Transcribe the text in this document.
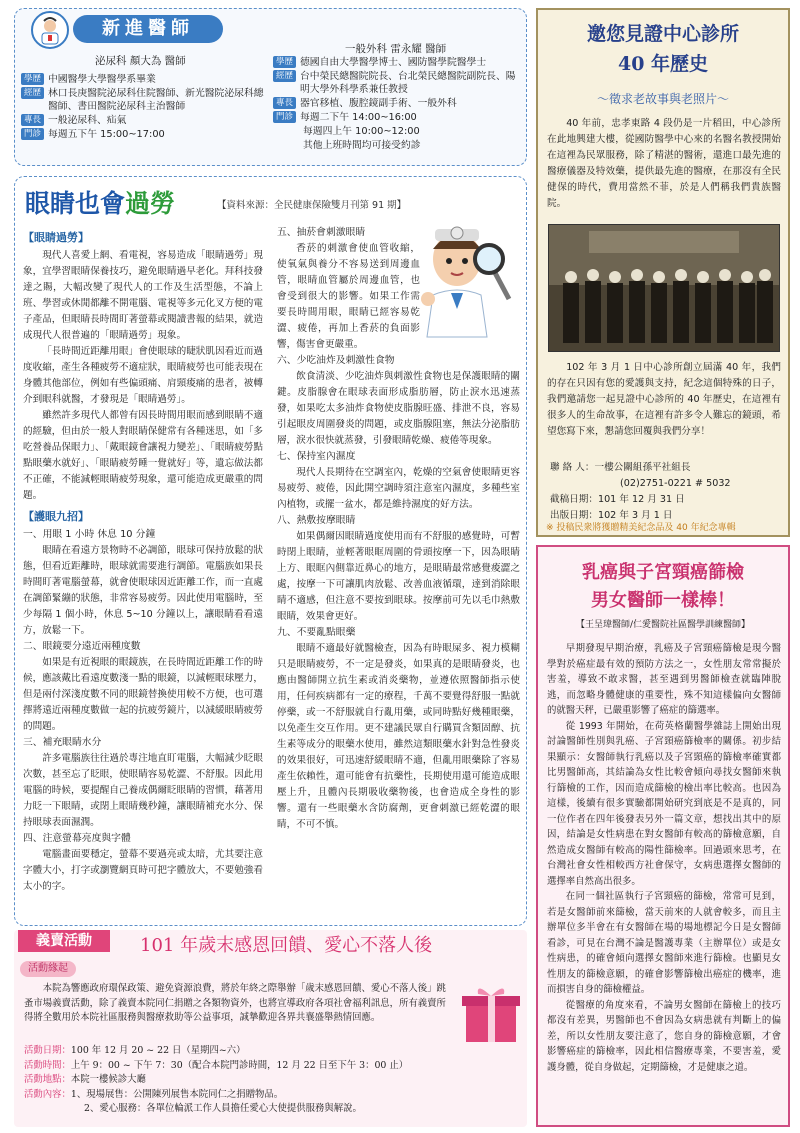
新進醫師
泌尿科 顏大為 醫師
學歷 中國醫學大學醫學系畢業
經歷 林口長庚醫院泌尿科住院醫師、新光醫院泌尿科總醫師、書田醫院泌尿科主治醫師
專長 一般泌尿科、疝氣
門診 每週五下午 15:00~17:00
一般外科 雷永耀 醫師
學歷 德國自由大學醫學博士、國防醫學院醫學士
經歷 台中榮民總醫院院長、台北榮民總醫院副院長、陽明大學外科學系兼任教授
專長 器官移植、腹腔鏡副手術、一般外科
門診 每週二下午 14:00~16:00
每週四上午 10:00~12:00
其他上班時間均可接受約診
眼睛也會過勞	【資料來源：全民健康保險雙月刊第 91 期】
【眼睛過勞】
現代人喜愛上網、看電視，容易造成「眼睛過勞」現象，宜學習眼睛保養技巧，避免眼睛過早老化。拜科技發達之賜，大幅改變了現代人的工作及生活型態，不論上班、學習或休閒都離不開電腦、電視等多元化叉方便的電子產品，但眼睛長時間盯著螢幕或閱讀書報的結果，就造成現代人很普遍的「眼睛過勞」現象。
「長時間近距離用眼」會使眼球的睫狀肌因看近而過度收縮，產生各種疲勞不適症狀，眼睛疲勞也可能表現在身體其他部位，例如有些偏頭痛、肩頸痠痛的患者，被轉介到眼科就醫，才發現是「眼睛過勞」。
雖然許多現代人都曾有因長時間用眼而感到眼睛不適的經驗，但由於一般人對眼睛保健常有各種迷思，如「多吃營養品保眼力」、「戴眼鏡會讓視力變差」、「眼睛疲勞點點眼藥水就好」、「眼睛疲勞睡一覺就好」等，遺忘做法都不正確，不能減輕眼睛疲勞現象，還可能造成更嚴重的問題。
【護眼九招】
一、用眼 1 小時 休息 10 分鐘
眼睛在看遠方景物時不必調節，眼球可保持放鬆的狀態，但看近距離時，眼球就需要進行調節。電腦族如果長時間盯著電腦螢幕，就會使眼球因近距離工作，而一直處在調節緊繃的狀態，非常容易疲勞。因此使用電腦時，至少每隔 1 個小時，休息 5~10 分鐘以上，讓眼睛看看遠方，放鬆一下。
二、眼鏡要分遠近兩種度數
如果是有近視眼的眼鏡族，在長時間近距離工作的時候，應該戴比看遠度數淺一點的眼鏡，以減輕眼球壓力，但是兩付深淺度數不同的眼鏡替換使用較不方便，也可選擇將遠近兩種度數做一起的抗疲勞鏡片，以減緩眼睛疲勞的問題。
三、補充眼睛水分
許多電腦族往往過於專注地直盯電腦，大幅減少眨眼次數，甚至忘了眨眼，使眼睛容易乾澀、不舒服。因此用電腦的時候，要提醒自己養成偶爾眨眼睛的習慣，藉著用力眨一下眼睛，或閉上眼睛幾秒鐘，讓眼睛補充水分、保持眼球表面濕潤。
四、注意螢幕亮度與字體
電腦畫面要穩定，螢幕不要過亮或太暗，尤其要注意字體大小，打字或瀏覽網頁時可把字體放大，不要勉強看太小的字。
五、抽菸會刺激眼睛
香菸的刺激會使血管收縮，使氧氣與養分不容易送到周邊血管，眼睛血管屬於周邊血管，也會受到很大的影響。如果工作需要長時間用眼，眼睛已經容易乾澀、疲倦，再加上香菸的負面影響，傷害會更嚴重。
六、少吃油炸及刺激性食物
飲食清淡、少吃油炸與刺激性食物也是保護眼睛的關鍵。皮脂腺會在眼球表面形成脂肪層，防止淚水迅速蒸發，如果吃太多油炸食物使皮脂腺旺盛、排泄不良，容易引起眼皮周圍發炎的問題，或皮脂腺阻塞，無法分泌脂肪層，淚水很快就蒸發，引發眼睛乾燥、疲倦等現象。
七、保持室內濕度
現代人長期待在空調室內，乾燥的空氣會使眼睛更容易疲勞、疲倦，因此開空調時須注意室內濕度，多種些室內植物，或擺一盆水，都是維持濕度的好方法。
八、熱敷按摩眼睛
如果偶爾因眼睛過度使用而有不舒服的感覺時，可暫時閉上眼睛，並輕著眼眶周圍的骨頭按摩一下，因為眼睛上方、眼眶內側靠近鼻心的地方，是眼睛最常感覺痠澀之處，按摩一下可讓肌肉放鬆、改善血液循環，達到消除眼睛不適感，但注意不要按到眼球。按摩前可先以毛巾熱敷眼睛，效果會更好。
九、不要亂點眼藥
眼睛不適最好就醫檢查，因為有時眼屎多、視力模糊只是眼睛疲勞，不一定是發炎，如果真的是眼睛發炎，也應由醫師開立抗生素或消炎藥物，並遵依照醫師指示使用，任何疾病都有一定的療程，千萬不要覺得舒服一點就停藥，或一不舒服就自行亂用藥，或同時點好幾種眼藥，以免產生交互作用。更不建議民眾自行購買含類固醇、抗生素等成分的眼藥水使用，雖然這類眼藥水針對急性發炎的效果很好，可迅速舒緩眼睛不適，但亂用眼藥除了容易產生依賴性，還可能會有抗藥性，長期使用還可能造成眼壓上升，且體內長期吸收藥物後，也會造成全身性的影響。還有一些眼藥水含防腐劑，更會刺激已經乾澀的眼睛，不可不慎。
義賣活動	101 年歲末感恩回饋、愛心不落人後
活動緣起
本院為響應政府環保政策、避免資源浪費，將於年終之際舉辦「歲末感恩回饋、愛心不落人後」跳蚤市場義賣活動，除了義賣本院同仁捐贈之各類物資外，也將宣導政府各項社會福利訊息，所有義賣所得將全數用於本院社區服務與醫療救助等公益事項，誠摯歡迎各界共襄盛舉熱情回應。
活動日期：100 年 12 月 20 ~ 22 日（星期四~六）
活動時間：上午 9：00 ~ 下午 7：30（配合本院門診時間，12 月 22 日至下午 3：00 止）
活動地點：本院一樓候診大廳
活動內容：1、現場展售：公開陳列展售本院同仁之捐贈物品。
2、愛心服務：各單位輪派工作人員擔任愛心大使提供服務與解說。
邀您見證中心診所
40 年歷史
～徵求老故事與老照片～
40 年前，忠孝東路 4 段仍是一片稻田，中心診所在此地興建大樓，從國防醫學中心來的名醫名教授開始在這裡為民眾服務，除了精湛的醫術，還進口最先進的醫療儀器及特效藥，提供最先進的醫療，在那沒有全民健保的時代，費用當然不菲，於是人們稱我們貴族醫院。
102 年 3 月 1 日中心診所創立屆滿 40 年，我們的存在只因有您的愛護與支持，紀念這個特殊的日子，我們邀請您一起見證中心診所的 40 年歷史，在這裡有很多人的生命故事，在這裡有許多令人難忘的鏡頭，希望您寫下來，懇請您回覆與我們分享！
聯 絡 人：一樓公關組孫平社組長
(02)2751-0221 # 5032
截稿日期：101 年 12 月 31 日
出版日期：102 年 3 月 1 日
※ 投稿民衆將獲贈精美紀念品及 40 年紀念專輯
乳癌與子宮頸癌篩檢
男女醫師一樣棒！
【王呈瑋醫師/仁愛醫院社區醫學訓練醫師】
早期發現早期治療，乳癌及子宮頸癌篩檢是現今醫學對於癌症最有效的預防方法之一，女性朋友常常擬於害羞，導致不敢求醫，甚至遇到男醫師檢查就臨陣脫逃，而忽略身體健康的重要性，殊不知這樣偏向女醫師的就醫天秤，已嚴重影響了癌症的篩選率。
從 1993 年開始，在荷英格蘭醫學雜誌上開始出現討論醫師性別與乳癌、子宮頸癌篩檢率的關係。初步結果顯示：女醫師執行乳癌以及子宮頸癌的篩檢率確實都比男醫師高，其結論為女性比較會傾向尋找女醫師來執行篩檢的工作，因而造成篩檢的檢出率比較高。也因為這樣，後續有很多實驗都開始研究到底是不是真的，同一位作者在四年後發表另外一篇文章，想找出其中的原因，結論是女性病患在對女醫師有較高的篩檢意願，自然造成女醫師有較高的陽性篩檢率。回過頭來思考，在台灣社會女性相較西方社會保守，女病患選擇女醫師的選擇率自然高出很多。
在同一個社區執行子宮頸癌的篩檢，常常可見到，若是女醫師前來篩檢，當天前來的人就會較多，而且主辦單位多半會在有女醫師在場的場地標記今日是女醫師看診，可見在台灣不論是醫護專業（主辦單位）或是女性病患，的確會傾向選擇女醫師來進行篩檢。也顯見女性朋友的篩檢意願，的確會影響篩檢出癌症的機率，進而損害自身的篩檢權益。
從醫療的角度來看，不論男女醫師在篩檢上的技巧都沒有差異，男醫師也不會因為女病患就有判斷上的偏差，所以女性朋友要注意了，您自身的篩檢意願，才會影響癌症的篩檢率，因此相信醫療專業，不要害羞，愛護身體，從自身做起，定期篩檢，才是健康之道。
